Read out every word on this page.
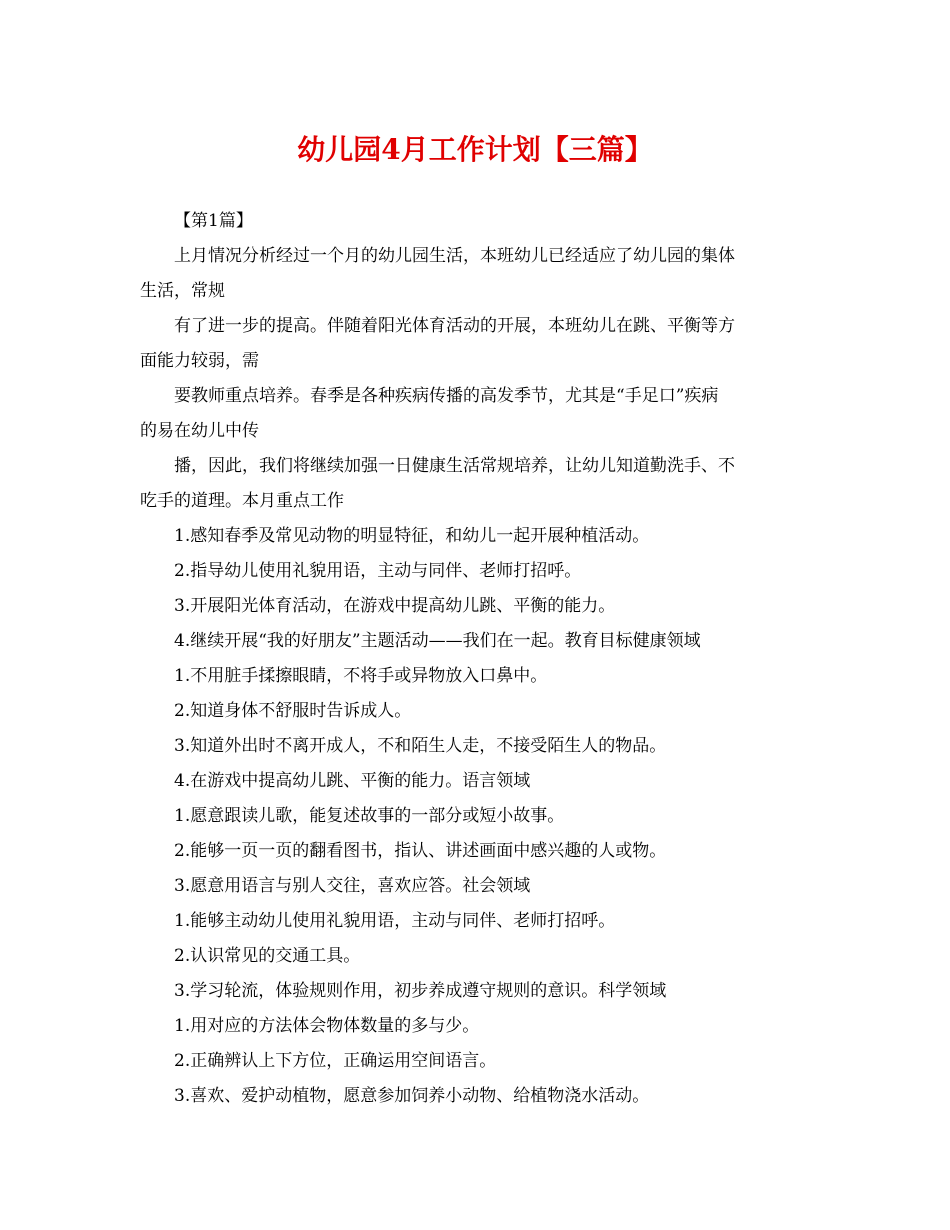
幼儿园4月工作计划【三篇】
【第1篇】
上月情况分析经过一个月的幼儿园生活，本班幼儿已经适应了幼儿园的集体
生活，常规
有了进一步的提高。伴随着阳光体育活动的开展，本班幼儿在跳、平衡等方
面能力较弱，需
要教师重点培养。春季是各种疾病传播的高发季节，尤其是“手足口”疾病
的易在幼儿中传
播，因此，我们将继续加强一日健康生活常规培养，让幼儿知道勤洗手、不
吃手的道理。本月重点工作
1.感知春季及常见动物的明显特征，和幼儿一起开展种植活动。
2.指导幼儿使用礼貌用语，主动与同伴、老师打招呼。
3.开展阳光体育活动，在游戏中提高幼儿跳、平衡的能力。
4.继续开展“我的好朋友”主题活动——我们在一起。教育目标健康领域
1.不用脏手揉擦眼睛，不将手或异物放入口鼻中。
2.知道身体不舒服时告诉成人。
3.知道外出时不离开成人，不和陌生人走，不接受陌生人的物品。
4.在游戏中提高幼儿跳、平衡的能力。语言领域
1.愿意跟读儿歌，能复述故事的一部分或短小故事。
2.能够一页一页的翻看图书，指认、讲述画面中感兴趣的人或物。
3.愿意用语言与别人交往，喜欢应答。社会领域
1.能够主动幼儿使用礼貌用语，主动与同伴、老师打招呼。
2.认识常见的交通工具。
3.学习轮流，体验规则作用，初步养成遵守规则的意识。科学领域
1.用对应的方法体会物体数量的多与少。
2.正确辨认上下方位，正确运用空间语言。
3.喜欢、爱护动植物，愿意参加饲养小动物、给植物浇水活动。
